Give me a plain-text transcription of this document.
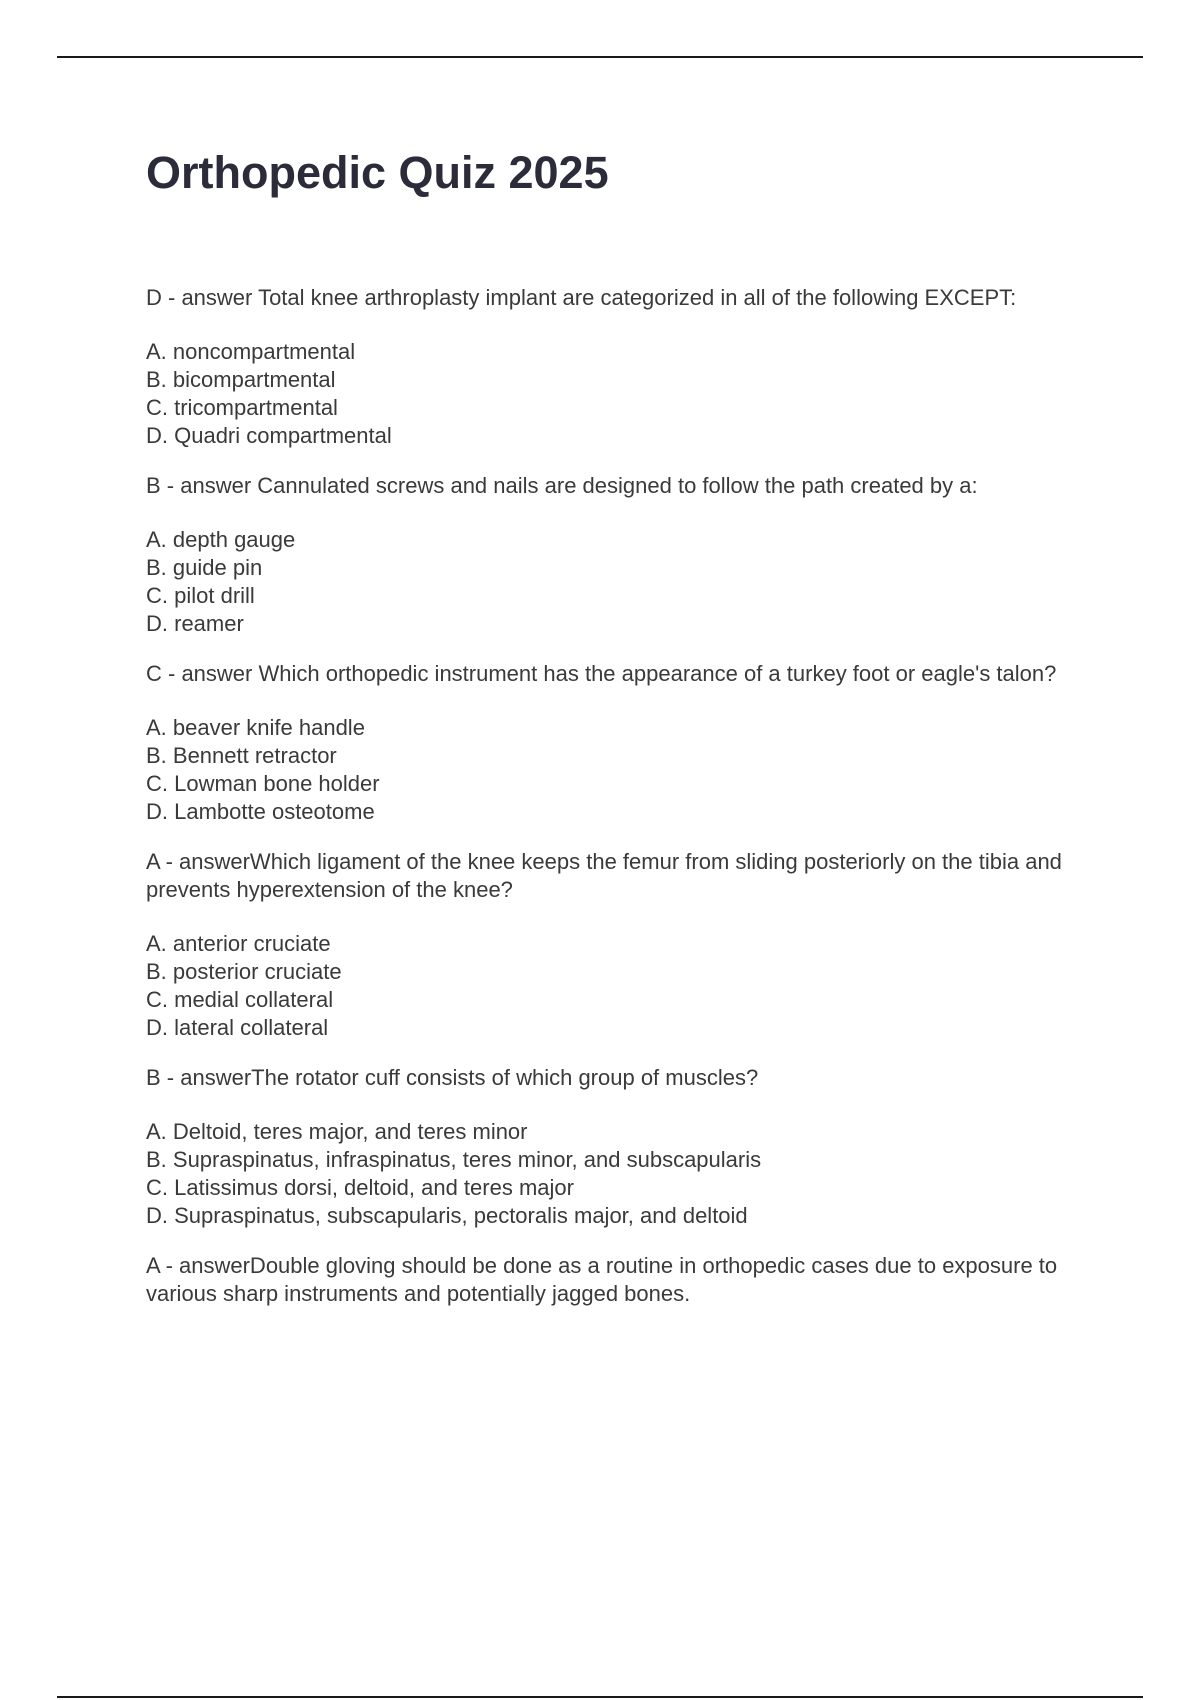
Orthopedic Quiz 2025

D - answer Total knee arthroplasty implant are categorized in all of the following EXCEPT:

A. noncompartmental
B. bicompartmental
C. tricompartmental
D. Quadri compartmental

B - answer Cannulated screws and nails are designed to follow the path created by a:

A. depth gauge
B. guide pin
C. pilot drill
D. reamer

C - answer Which orthopedic instrument has the appearance of a turkey foot or eagle's talon?

A. beaver knife handle
B. Bennett retractor
C. Lowman bone holder
D. Lambotte osteotome

A - answerWhich ligament of the knee keeps the femur from sliding posteriorly on the tibia and prevents hyperextension of the knee?

A. anterior cruciate
B. posterior cruciate
C. medial collateral
D. lateral collateral

B - answerThe rotator cuff consists of which group of muscles?

A. Deltoid, teres major, and teres minor
B. Supraspinatus, infraspinatus, teres minor, and subscapularis
C. Latissimus dorsi, deltoid, and teres major
D. Supraspinatus, subscapularis, pectoralis major, and deltoid

A - answerDouble gloving should be done as a routine in orthopedic cases due to exposure to various sharp instruments and potentially jagged bones.
